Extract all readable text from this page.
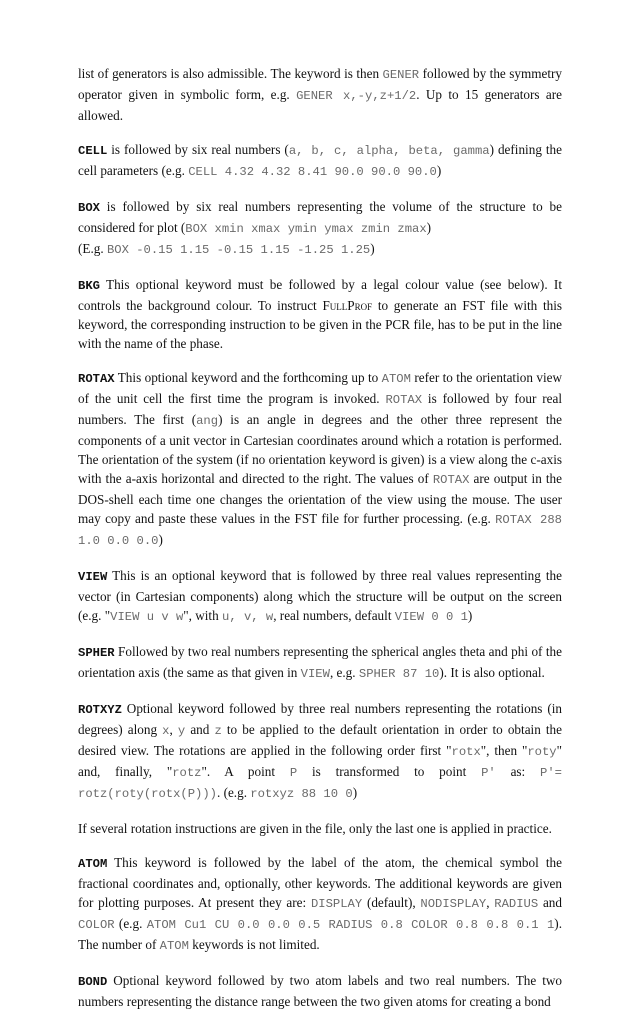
list of generators is also admissible. The keyword is then GENER followed by the symmetry operator given in symbolic form, e.g. GENER x,-y,z+1/2. Up to 15 generators are allowed.

CELL is followed by six real numbers (a, b, c, alpha, beta, gamma) defining the cell parameters (e.g. CELL 4.32 4.32 8.41 90.0 90.0 90.0)

BOX is followed by six real numbers representing the volume of the structure to be considered for plot (BOX xmin xmax ymin ymax zmin zmax)
(E.g. BOX -0.15 1.15 -0.15 1.15 -1.25 1.25)

BKG This optional keyword must be followed by a legal colour value (see below). It controls the background colour. To instruct FullProf to generate an FST file with this keyword, the corresponding instruction to be given in the PCR file, has to be put in the line with the name of the phase.

ROTAX This optional keyword and the forthcoming up to ATOM refer to the orientation view of the unit cell the first time the program is invoked. ROTAX is followed by four real numbers. The first (ang) is an angle in degrees and the other three represent the components of a unit vector in Cartesian coordinates around which a rotation is performed. The orientation of the system (if no orientation keyword is given) is a view along the c-axis with the a-axis horizontal and directed to the right. The values of ROTAX are output in the DOS-shell each time one changes the orientation of the view using the mouse. The user may copy and paste these values in the FST file for further processing. (e.g. ROTAX 288 1.0 0.0 0.0)

VIEW This is an optional keyword that is followed by three real values representing the vector (in Cartesian components) along which the structure will be output on the screen (e.g. "VIEW u v w", with u, v, w, real numbers, default VIEW 0 0 1)

SPHER Followed by two real numbers representing the spherical angles theta and phi of the orientation axis (the same as that given in VIEW, e.g. SPHER 87 10). It is also optional.

ROTXYZ Optional keyword followed by three real numbers representing the rotations (in degrees) along x, y and z to be applied to the default orientation in order to obtain the desired view. The rotations are applied in the following order first "rotx", then "roty" and, finally, "rotz". A point P is transformed to point P' as: P'= rotz(roty(rotx(P))). (e.g. rotxyz 88 10 0)

If several rotation instructions are given in the file, only the last one is applied in practice.

ATOM This keyword is followed by the label of the atom, the chemical symbol the fractional coordinates and, optionally, other keywords. The additional keywords are given for plotting purposes. At present they are: DISPLAY (default), NODISPLAY, RADIUS and COLOR (e.g. ATOM Cu1 CU 0.0 0.0 0.5 RADIUS 0.8 COLOR 0.8 0.8 0.1 1). The number of ATOM keywords is not limited.

BOND Optional keyword followed by two atom labels and two real numbers. The two numbers representing the distance range between the two given atoms for creating a bond
